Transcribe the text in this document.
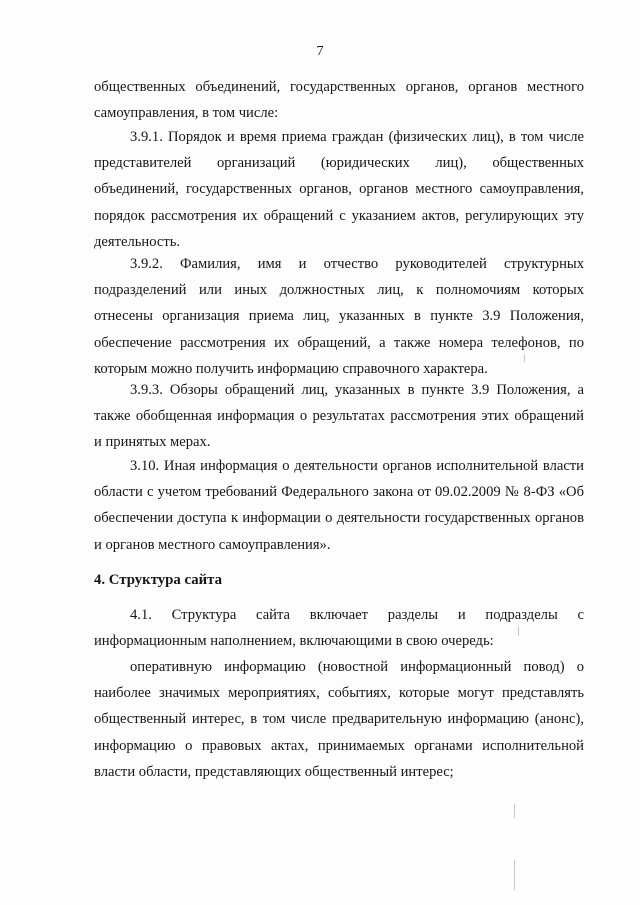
7
общественных объединений, государственных органов, органов местного
самоуправления, в том числе:
3.9.1. Порядок и время приема граждан (физических лиц), в том числе
представителей организаций (юридических лиц), общественных
объединений, государственных органов, органов местного самоуправления,
порядок рассмотрения их обращений с указанием актов, регулирующих эту
деятельность.
3.9.2. Фамилия, имя и отчество руководителей структурных
подразделений или иных должностных лиц, к полномочиям которых
отнесены организация приема лиц, указанных в пункте 3.9 Положения,
обеспечение рассмотрения их обращений, а также номера телефонов, по
которым можно получить информацию справочного характера.
3.9.3. Обзоры обращений лиц, указанных в пункте 3.9 Положения, а
также обобщенная информация о результатах рассмотрения этих обращений
и принятых мерах.
3.10. Иная информация о деятельности органов исполнительной власти
области с учетом требований Федерального закона от 09.02.2009 № 8-ФЗ «Об
обеспечении доступа к информации о деятельности государственных органов
и органов местного самоуправления».
4. Структура сайта
4.1. Структура сайта включает разделы и подразделы с
информационным наполнением, включающими в свою очередь:
оперативную информацию (новостной информационный повод) о
наиболее значимых мероприятиях, событиях, которые могут представлять
общественный интерес, в том числе предварительную информацию (анонс),
информацию о правовых актах, принимаемых органами исполнительной
власти области, представляющих общественный интерес;
